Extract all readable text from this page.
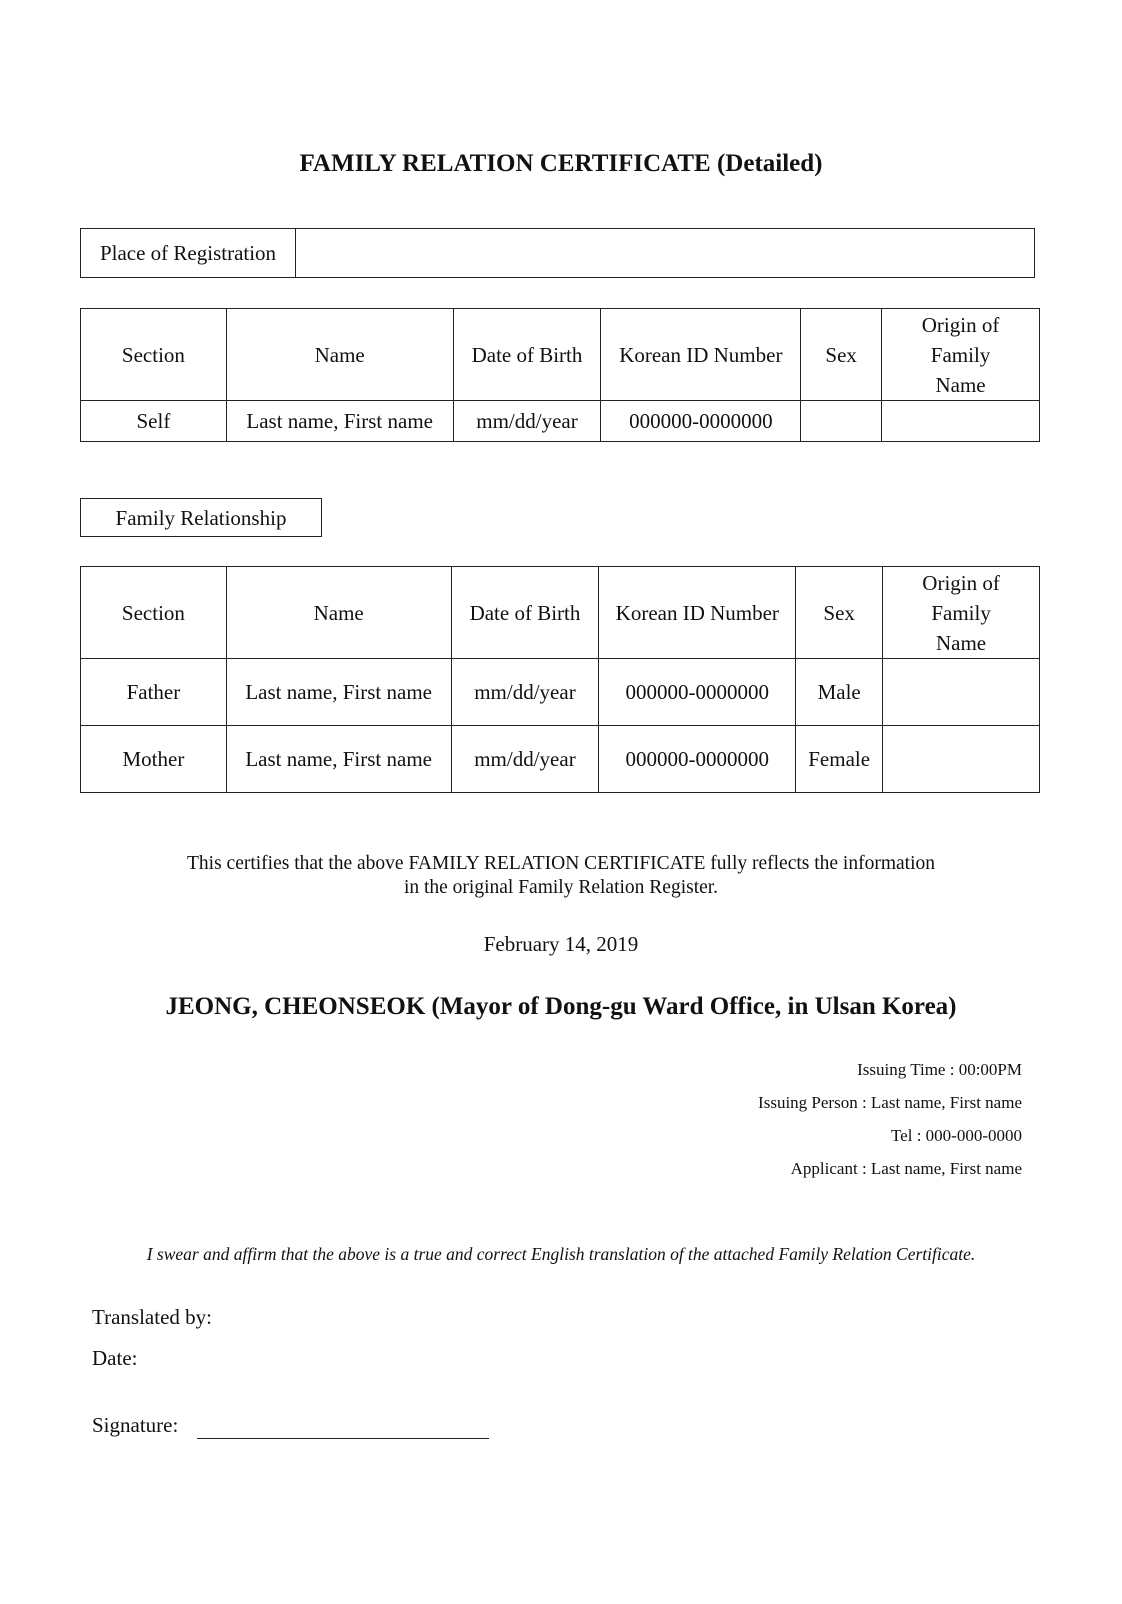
FAMILY RELATION CERTIFICATE (Detailed)
Place of Registration	
Section	Name	Date of Birth	Korean ID Number	Sex	Origin of
Family
Name

Self	Last name, First name	mm/dd/year	000000-0000000		
Family Relationship
Section	Name	Date of Birth	Korean ID Number	Sex	Origin of
Family
Name

Father	Last name, First name	mm/dd/year	000000-0000000	Male	
Mother	Last name, First name	mm/dd/year	000000-0000000	Female	
This certifies that the above FAMILY RELATION CERTIFICATE fully reflects the information
in the original Family Relation Register.
February 14, 2019
JEONG, CHEONSEOK (Mayor of Dong-gu Ward Office, in Ulsan Korea)
Issuing Time : 00:00PM
Issuing Person : Last name, First name
Tel : 000-000-0000
Applicant : Last name, First name
I swear and affirm that the above is a true and correct English translation of the attached Family Relation Certificate.
Translated by:
Date:
Signature:
